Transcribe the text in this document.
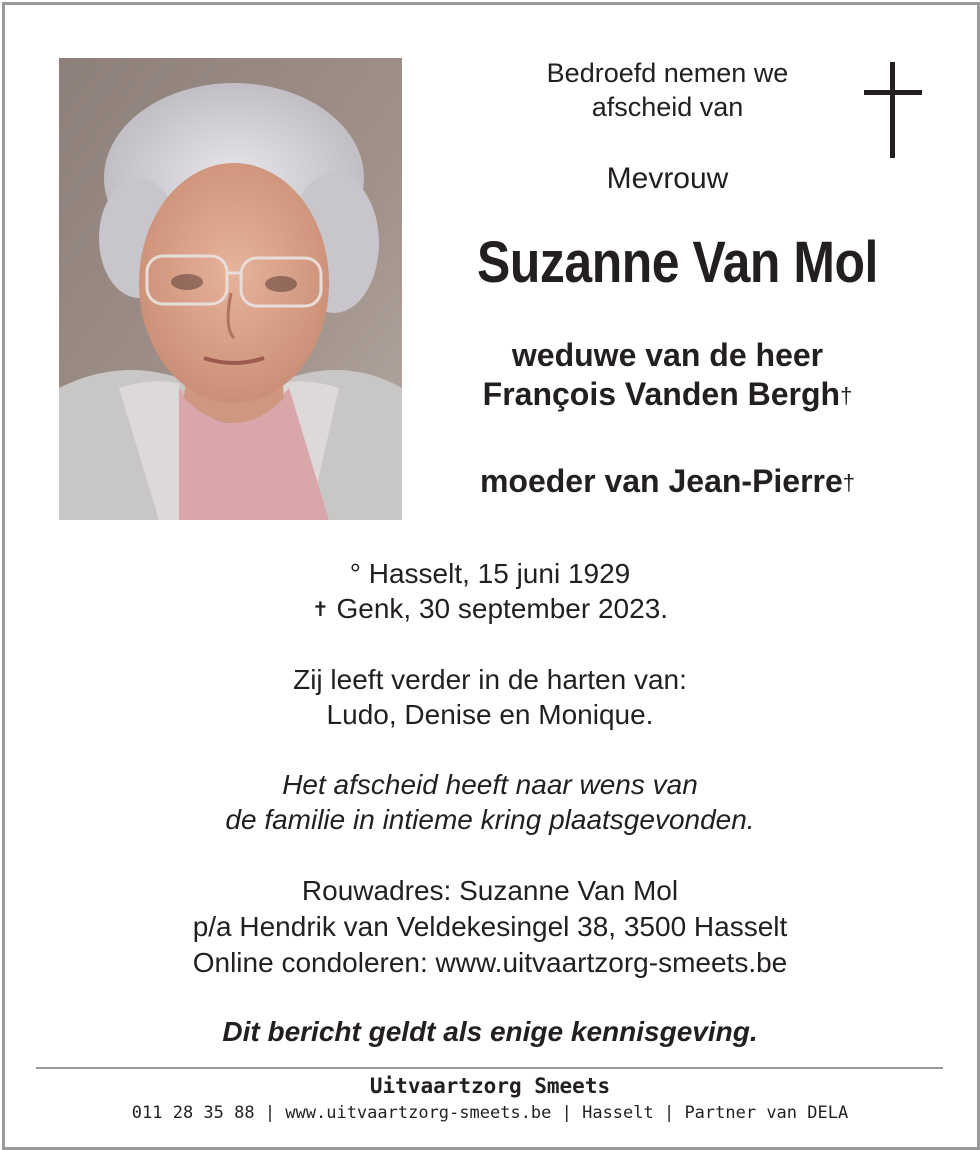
Bedroefd nemen we
afscheid van
Mevrouw
Suzanne Van Mol
weduwe van de heer
François Vanden Bergh†
moeder van Jean-Pierre†
° Hasselt, 15 juni 1929
✝ Genk, 30 september 2023.
Zij leeft verder in de harten van:
Ludo, Denise en Monique.
Het afscheid heeft naar wens van
de familie in intieme kring plaatsgevonden.
Rouwadres: Suzanne Van Mol
p/a Hendrik van Veldekesingel 38, 3500 Hasselt
Online condoleren: www.uitvaartzorg-smeets.be
Dit bericht geldt als enige kennisgeving.
Uitvaartzorg Smeets
011 28 35 88 | www.uitvaartzorg-smeets.be | Hasselt | Partner van DELA
